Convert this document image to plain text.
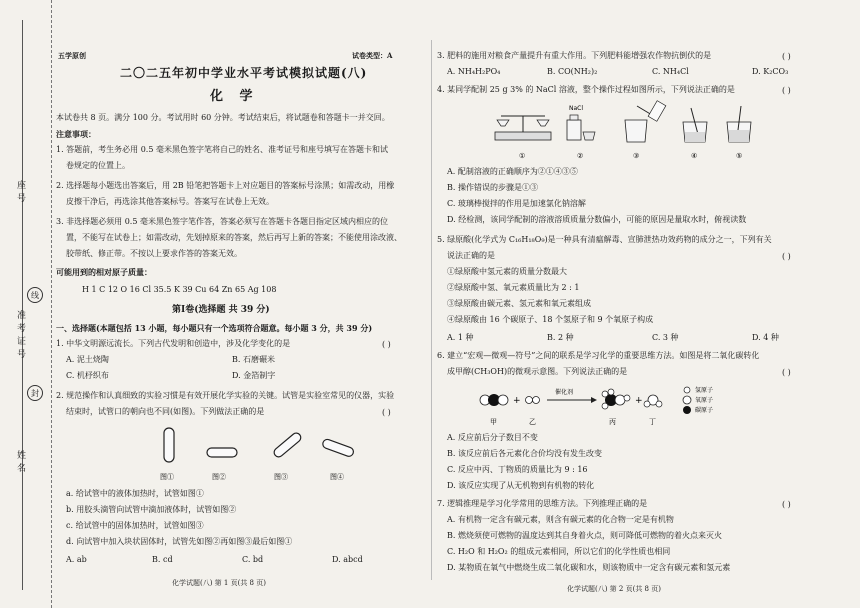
座号
线
准考证号
封
姓名
五学原创	试卷类型：A
二〇二五年初中学业水平考试模拟试题(八)
化 学
本试卷共 8 页。满分 100 分。考试用时 60 分钟。考试结束后，将试题卷和答题卡一并交回。
注意事项：
1. 答题前，考生务必用 0.5 毫米黑色签字笔将自己的姓名、准考证号和座号填写在答题卡和试
卷规定的位置上。
2. 选择题每小题选出答案后，用 2B 铅笔把答题卡上对应题目的答案标号涂黑；如需改动，用橡
皮擦干净后，再选涂其他答案标号。答案写在试卷上无效。
3. 非选择题必须用 0.5 毫米黑色签字笔作答，答案必须写在答题卡各题目指定区域内相应的位
置，不能写在试卷上；如需改动，先划掉原来的答案，然后再写上新的答案；不能使用涂改液、
胶带纸、修正带。不按以上要求作答的答案无效。
可能用到的相对原子质量：
H 1 C 12 O 16 Cl 35.5 K 39 Cu 64 Zn 65 Ag 108
第Ⅰ卷(选择题 共 39 分)
一、选择题(本题包括 13 小题，每小题只有一个选项符合题意。每小题 3 分，共 39 分)
1. 中华文明源远流长。下列古代发明和创造中，涉及化学变化的是	( )
A. 泥土烧陶	B. 石磨碾米
C. 机杼织布	D. 金箔制字
2. 规范操作和认真细致的实验习惯是有效开展化学实验的关键。试管是实验室常见的仪器，实验
结束时，试管口的朝向也不同(如图)。下列做法正确的是	( )
图①	图②	图③	图④
a. 给试管中的液体加热时，试管如图①
b. 用胶头滴管向试管中滴加液体时，试管如图②
c. 给试管中的固体加热时，试管如图③
d. 向试管中加入块状固体时，试管先如图②再如图③最后如图①
A. ab	B. cd	C. bd	D. abcd
化学试题(八) 第 1 页(共 8 页)
3. 肥料的施用对粮食产量提升有重大作用。下列肥料能增强农作物抗倒伏的是	( )
A. NH₄H₂PO₄	B. CO(NH₂)₂	C. NH₄Cl	D. K₂CO₃
4. 某同学配制 25 g 3% 的 NaCl 溶液，整个操作过程如图所示，下列说法正确的是	( )
NaCl
①	②	③	④	⑤
A. 配制溶液的正确顺序为②①④③⑤
B. 操作错误的步骤是①③
C. 玻璃棒搅拌的作用是加速氯化钠溶解
D. 经检测，该同学配制的溶液溶质质量分数偏小，可能的原因是量取水时，俯视读数
5. 绿原酸(化学式为 C₁₆H₁₈O₉)是一种具有清瘟解毒、宣肺泄热功效药物的成分之一，下列有关
说法正确的是	( )
①绿原酸中氢元素的质量分数最大
②绿原酸中氢、氧元素质量比为 2 : 1
③绿原酸由碳元素、氢元素和氧元素组成
④绿原酸由 16 个碳原子、18 个氢原子和 9 个氧原子构成
A. 1 种	B. 2 种	C. 3 种	D. 4 种
6. 建立“宏观—微观—符号”之间的联系是学习化学的重要思维方法。如图是将二氧化碳转化
成甲醇(CH₃OH)的微观示意图。下列说法正确的是	( )
+
催化剂
+
氢原子
氧原子
碳原子
甲	乙	丙	丁
A. 反应前后分子数目不变
B. 该反应前后各元素化合价均没有发生改变
C. 反应中丙、丁物质的质量比为 9 : 16
D. 该反应实现了从无机物到有机物的转化
7. 逻辑推理是学习化学常用的思维方法。下列推理正确的是	( )
A. 有机物一定含有碳元素，则含有碳元素的化合物一定是有机物
B. 燃烧须使可燃物的温度达到其自身着火点，则可降低可燃物的着火点来灭火
C. H₂O 和 H₂O₂ 的组成元素相同，所以它们的化学性质也相同
D. 某物质在氧气中燃烧生成二氧化碳和水，则该物质中一定含有碳元素和氢元素
化学试题(八) 第 2 页(共 8 页)
